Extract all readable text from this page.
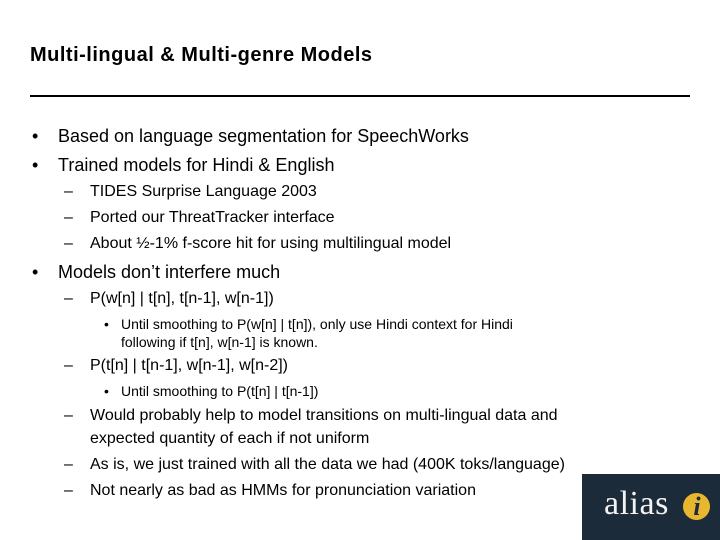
Multi-lingual & Multi-genre Models
• Based on language segmentation for SpeechWorks
• Trained models for Hindi & English
– TIDES Surprise Language 2003
– Ported our ThreatTracker interface
– About ½-1% f-score hit for using multilingual model
• Models don’t interfere much
– P(w[n] | t[n], t[n-1], w[n-1])
• Until smoothing to P(w[n] | t[n]), only use Hindi context for Hindi
following if t[n], w[n-1] is known.
– P(t[n] | t[n-1], w[n-1], w[n-2])
• Until smoothing to P(t[n] | t[n-1])
– Would probably help to model transitions on multi-lingual data and
expected quantity of each if not uniform
– As is, we just trained with all the data we had (400K toks/language)
– Not nearly as bad as HMMs for pronunciation variation	alias i
